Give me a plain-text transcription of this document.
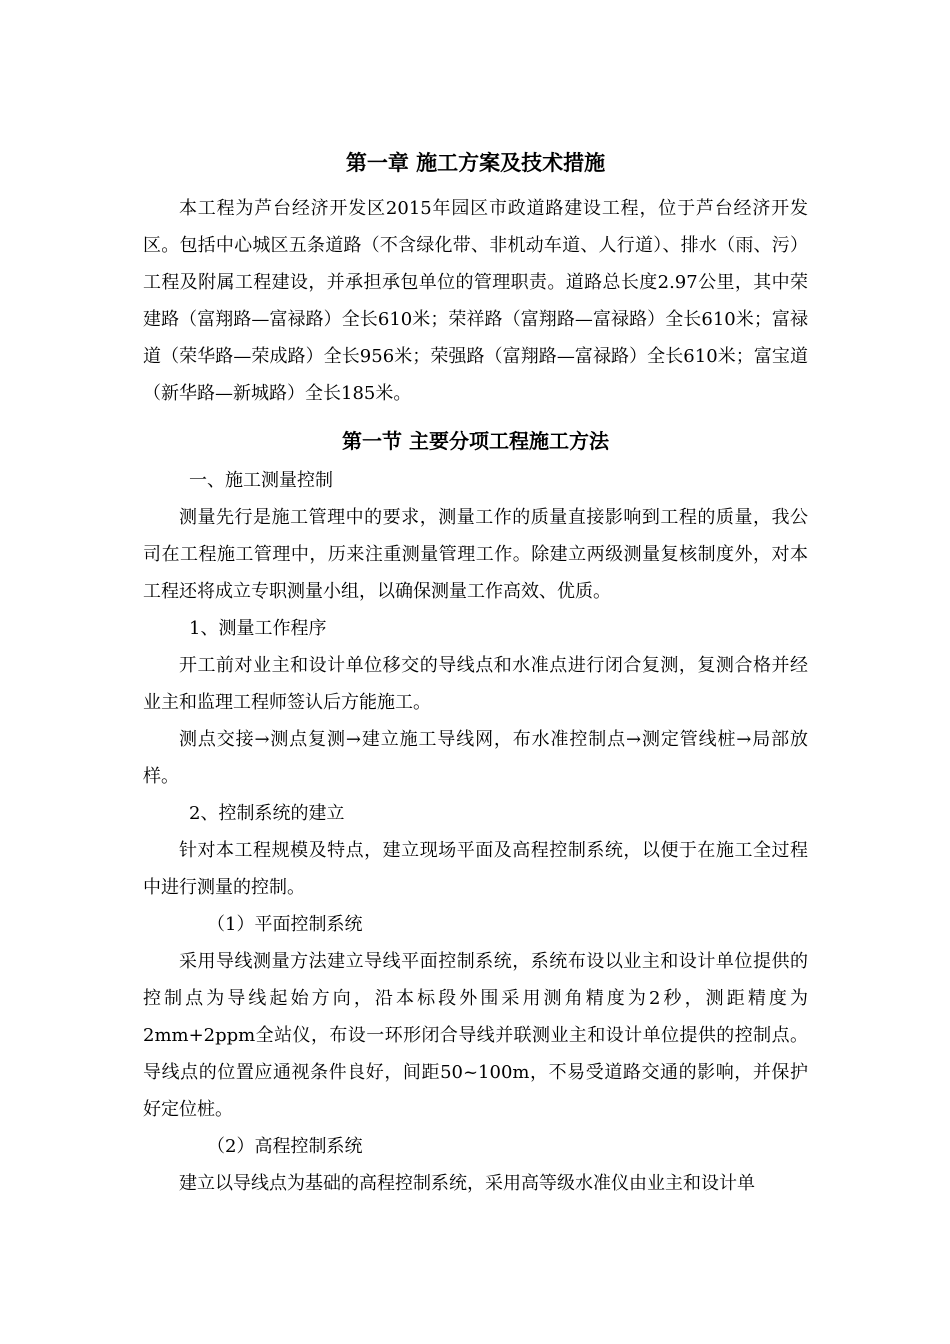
第一章 施工方案及技术措施

本工程为芦台经济开发区2015年园区市政道路建设工程，位于芦台经济开发区。包括中心城区五条道路（不含绿化带、非机动车道、人行道）、排水（雨、污）工程及附属工程建设，并承担承包单位的管理职责。道路总长度2.97公里，其中荣建路（富翔路—富禄路）全长610米；荣祥路（富翔路—富禄路）全长610米；富禄道（荣华路—荣成路）全长956米；荣强路（富翔路—富禄路）全长610米；富宝道（新华路—新城路）全长185米。

第一节 主要分项工程施工方法

一、施工测量控制

测量先行是施工管理中的要求，测量工作的质量直接影响到工程的质量，我公司在工程施工管理中，历来注重测量管理工作。除建立两级测量复核制度外，对本工程还将成立专职测量小组，以确保测量工作高效、优质。

1、测量工作程序

开工前对业主和设计单位移交的导线点和水准点进行闭合复测，复测合格并经业主和监理工程师签认后方能施工。

测点交接→测点复测→建立施工导线网，布水准控制点→测定管线桩→局部放样。

2、控制系统的建立

针对本工程规模及特点，建立现场平面及高程控制系统，以便于在施工全过程中进行测量的控制。

（1）平面控制系统

采用导线测量方法建立导线平面控制系统，系统布设以业主和设计单位提供的控制点为导线起始方向，沿本标段外围采用测角精度为2秒，测距精度为2mm+2ppm全站仪，布设一环形闭合导线并联测业主和设计单位提供的控制点。导线点的位置应通视条件良好，间距50~100m，不易受道路交通的影响，并保护好定位桩。

（2）高程控制系统

建立以导线点为基础的高程控制系统，采用高等级水准仪由业主和设计单
